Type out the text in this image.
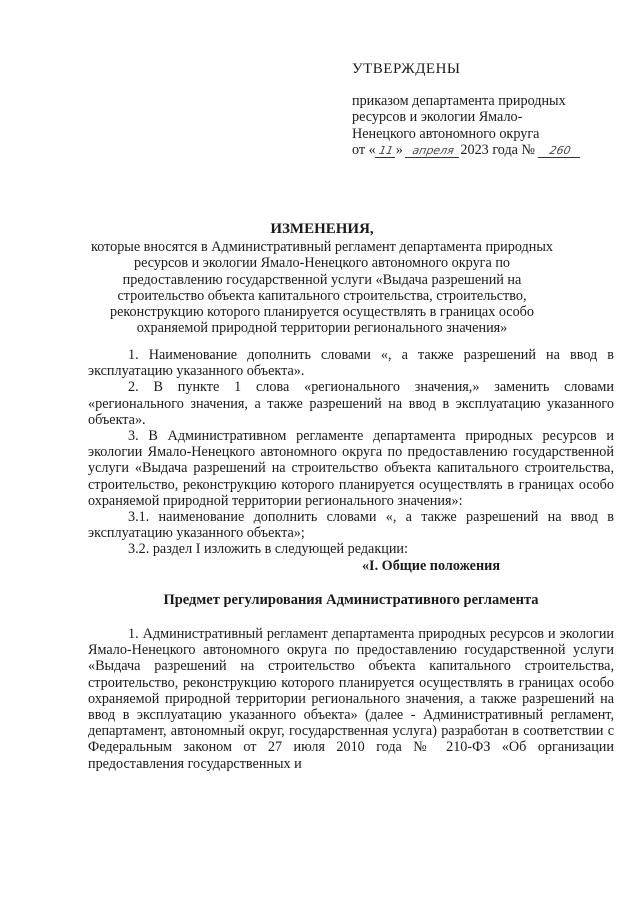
УТВЕРЖДЕНЫ
приказом департамента природных
ресурсов и экологии Ямало-
Ненецкого автономного округа
от « 11 » апреля 2023 года № 260
ИЗМЕНЕНИЯ,
которые вносятся в Административный регламент департамента природных ресурсов и экологии Ямало-Ненецкого автономного округа по предоставлению государственной услуги «Выдача разрешений на строительство объекта капитального строительства, строительство, реконструкцию которого планируется осуществлять в границах особо охраняемой природной территории регионального значения»

1. Наименование дополнить словами «, а также разрешений на ввод в эксплуатацию указанного объекта».

2. В пункте 1 слова «регионального значения,» заменить словами «регионального значения, а также разрешений на ввод в эксплуатацию указанного объекта».

3. В Административном регламенте департамента природных ресурсов и экологии Ямало-Ненецкого автономного округа по предоставлению государственной услуги «Выдача разрешений на строительство объекта капитального строительства, строительство, реконструкцию которого планируется осуществлять в границах особо охраняемой природной территории регионального значения»:

3.1. наименование дополнить словами «, а также разрешений на ввод в эксплуатацию указанного объекта»;

3.2. раздел I изложить в следующей редакции:

«I. Общие положения

Предмет регулирования Административного регламента

1. Административный регламент департамента природных ресурсов и экологии Ямало-Ненецкого автономного округа по предоставлению государственной услуги «Выдача разрешений на строительство объекта капитального строительства, строительство, реконструкцию которого планируется осуществлять в границах особо охраняемой природной территории регионального значения, а также разрешений на ввод в эксплуатацию указанного объекта» (далее - Административный регламент, департамент, автономный округ, государственная услуга) разработан в соответствии с Федеральным законом от 27 июля 2010 года № 210-ФЗ «Об организации предоставления государственных и
